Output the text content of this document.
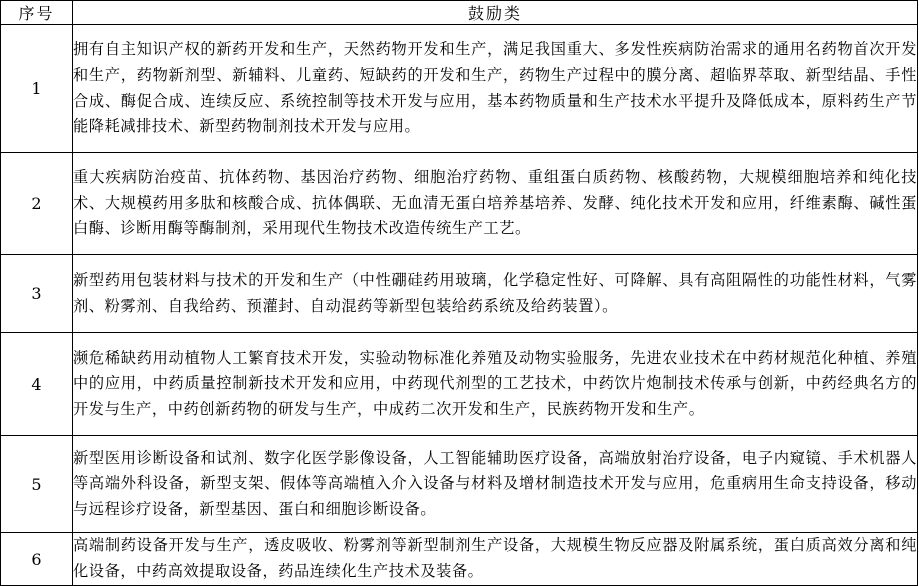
序号	鼓励类
1	拥有自主知识产权的新药开发和生产，天然药物开发和生产，满足我国重大、多发性疾病防治需求的通用名药物首次开发和生产，药物新剂型、新辅料、儿童药、短缺药的开发和生产，药物生产过程中的膜分离、超临界萃取、新型结晶、手性合成、酶促合成、连续反应、系统控制等技术开发与应用，基本药物质量和生产技术水平提升及降低成本，原料药生产节能降耗减排技术、新型药物制剂技术开发与应用。
2	重大疾病防治疫苗、抗体药物、基因治疗药物、细胞治疗药物、重组蛋白质药物、核酸药物，大规模细胞培养和纯化技术、大规模药用多肽和核酸合成、抗体偶联、无血清无蛋白培养基培养、发酵、纯化技术开发和应用，纤维素酶、碱性蛋白酶、诊断用酶等酶制剂，采用现代生物技术改造传统生产工艺。
3	新型药用包装材料与技术的开发和生产（中性硼硅药用玻璃，化学稳定性好、可降解、具有高阻隔性的功能性材料，气雾剂、粉雾剂、自我给药、预灌封、自动混药等新型包装给药系统及给药装置）。
4	濒危稀缺药用动植物人工繁育技术开发，实验动物标准化养殖及动物实验服务，先进农业技术在中药材规范化种植、养殖中的应用，中药质量控制新技术开发和应用，中药现代剂型的工艺技术，中药饮片炮制技术传承与创新，中药经典名方的开发与生产，中药创新药物的研发与生产，中成药二次开发和生产，民族药物开发和生产。
5	新型医用诊断设备和试剂、数字化医学影像设备，人工智能辅助医疗设备，高端放射治疗设备，电子内窥镜、手术机器人等高端外科设备，新型支架、假体等高端植入介入设备与材料及增材制造技术开发与应用，危重病用生命支持设备，移动与远程诊疗设备，新型基因、蛋白和细胞诊断设备。
6	高端制药设备开发与生产，透皮吸收、粉雾剂等新型制剂生产设备，大规模生物反应器及附属系统，蛋白质高效分离和纯化设备，中药高效提取设备，药品连续化生产技术及装备。
